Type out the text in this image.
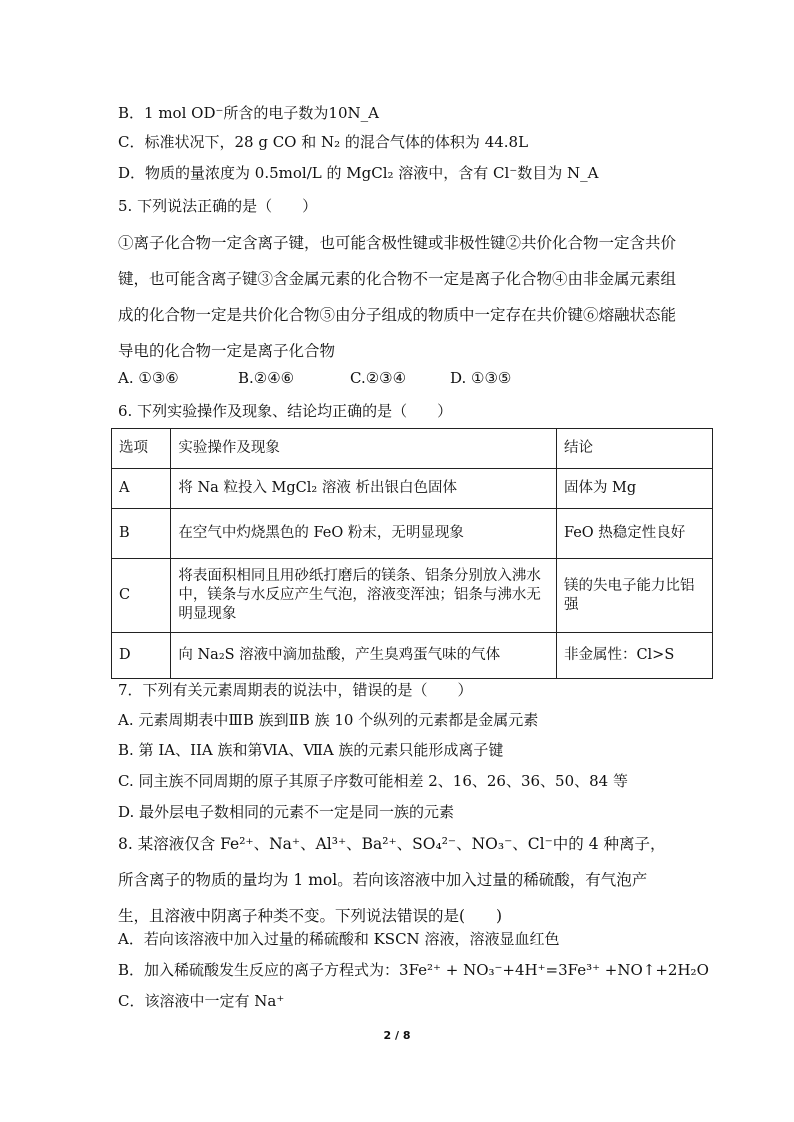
B．1 mol OD⁻所含的电子数为10N_A
C．标准状况下，28 g CO 和 N₂ 的混合气体的体积为 44.8L
D．物质的量浓度为 0.5mol/L 的 MgCl₂ 溶液中，含有 Cl⁻数目为 N_A
5. 下列说法正确的是（　　）
①离子化合物一定含离子键，也可能含极性键或非极性键②共价化合物一定含共价键，也可能含离子键③含金属元素的化合物不一定是离子化合物④由非金属元素组成的化合物一定是共价化合物⑤由分子组成的物质中一定存在共价键⑥熔融状态能导电的化合物一定是离子化合物
A. ①③⑥	B.②④⑥	C.②③④	D. ①③⑤
6. 下列实验操作及现象、结论均正确的是（　　）
选项	实验操作及现象	结论
A	将 Na 粒投入 MgCl₂ 溶液 析出银白色固体	固体为 Mg
B	在空气中灼烧黑色的 FeO 粉末，无明显现象	FeO 热稳定性良好
C	将表面积相同且用砂纸打磨后的镁条、铝条分别放入沸水中，镁条与水反应产生气泡，溶液变浑浊；铝条与沸水无明显现象	镁的失电子能力比铝强
D	向 Na₂S 溶液中滴加盐酸，产生臭鸡蛋气味的气体	非金属性：Cl>S
7．下列有关元素周期表的说法中，错误的是（　　）
A. 元素周期表中ⅢB 族到ⅡB 族 10 个纵列的元素都是金属元素
B. 第 IA、IIA 族和第ⅥA、ⅦA 族的元素只能形成离子键
C. 同主族不同周期的原子其原子序数可能相差 2、16、26、36、50、84 等
D. 最外层电子数相同的元素不一定是同一族的元素
8. 某溶液仅含 Fe²⁺、Na⁺、Al³⁺、Ba²⁺、SO₄²⁻、NO₃⁻、Cl⁻中的 4 种离子，所含离子的物质的量均为 1 mol。若向该溶液中加入过量的稀硫酸，有气泡产生，且溶液中阴离子种类不变。下列说法错误的是(　　)
A．若向该溶液中加入过量的稀硫酸和 KSCN 溶液，溶液显血红色
B．加入稀硫酸发生反应的离子方程式为：3Fe²⁺ + NO₃⁻+4H⁺=3Fe³⁺ +NO↑+2H₂O
C．该溶液中一定有 Na⁺
2 / 8
